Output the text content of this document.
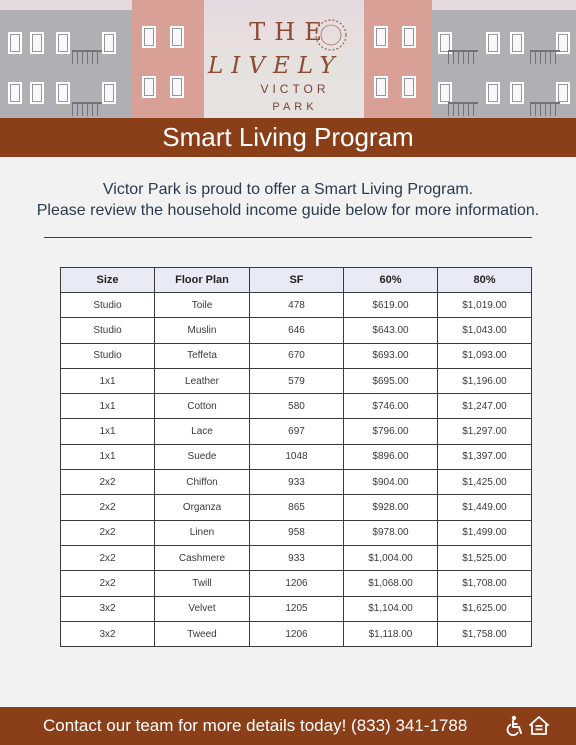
THE
LIVELY
VICTOR
PARK
Smart Living Program
Victor Park is proud to offer a Smart Living Program.
Please review the household income guide below for more information.
Size	Floor Plan	SF	60%	80%
Studio	Toile	478	$619.00	$1,019.00
Studio	Muslin	646	$643.00	$1,043.00
Studio	Teffeta	670	$693.00	$1,093.00
1x1	Leather	579	$695.00	$1,196.00
1x1	Cotton	580	$746.00	$1,247.00
1x1	Lace	697	$796.00	$1,297.00
1x1	Suede	1048	$896.00	$1,397.00
2x2	Chiffon	933	$904.00	$1,425.00
2x2	Organza	865	$928.00	$1,449.00
2x2	Linen	958	$978.00	$1,499.00
2x2	Cashmere	933	$1,004.00	$1,525.00
2x2	Twill	1206	$1,068.00	$1,708.00
3x2	Velvet	1205	$1,104.00	$1,625.00
3x2	Tweed	1206	$1,118.00	$1,758.00
Contact our team for more details today! (833) 341-1788
